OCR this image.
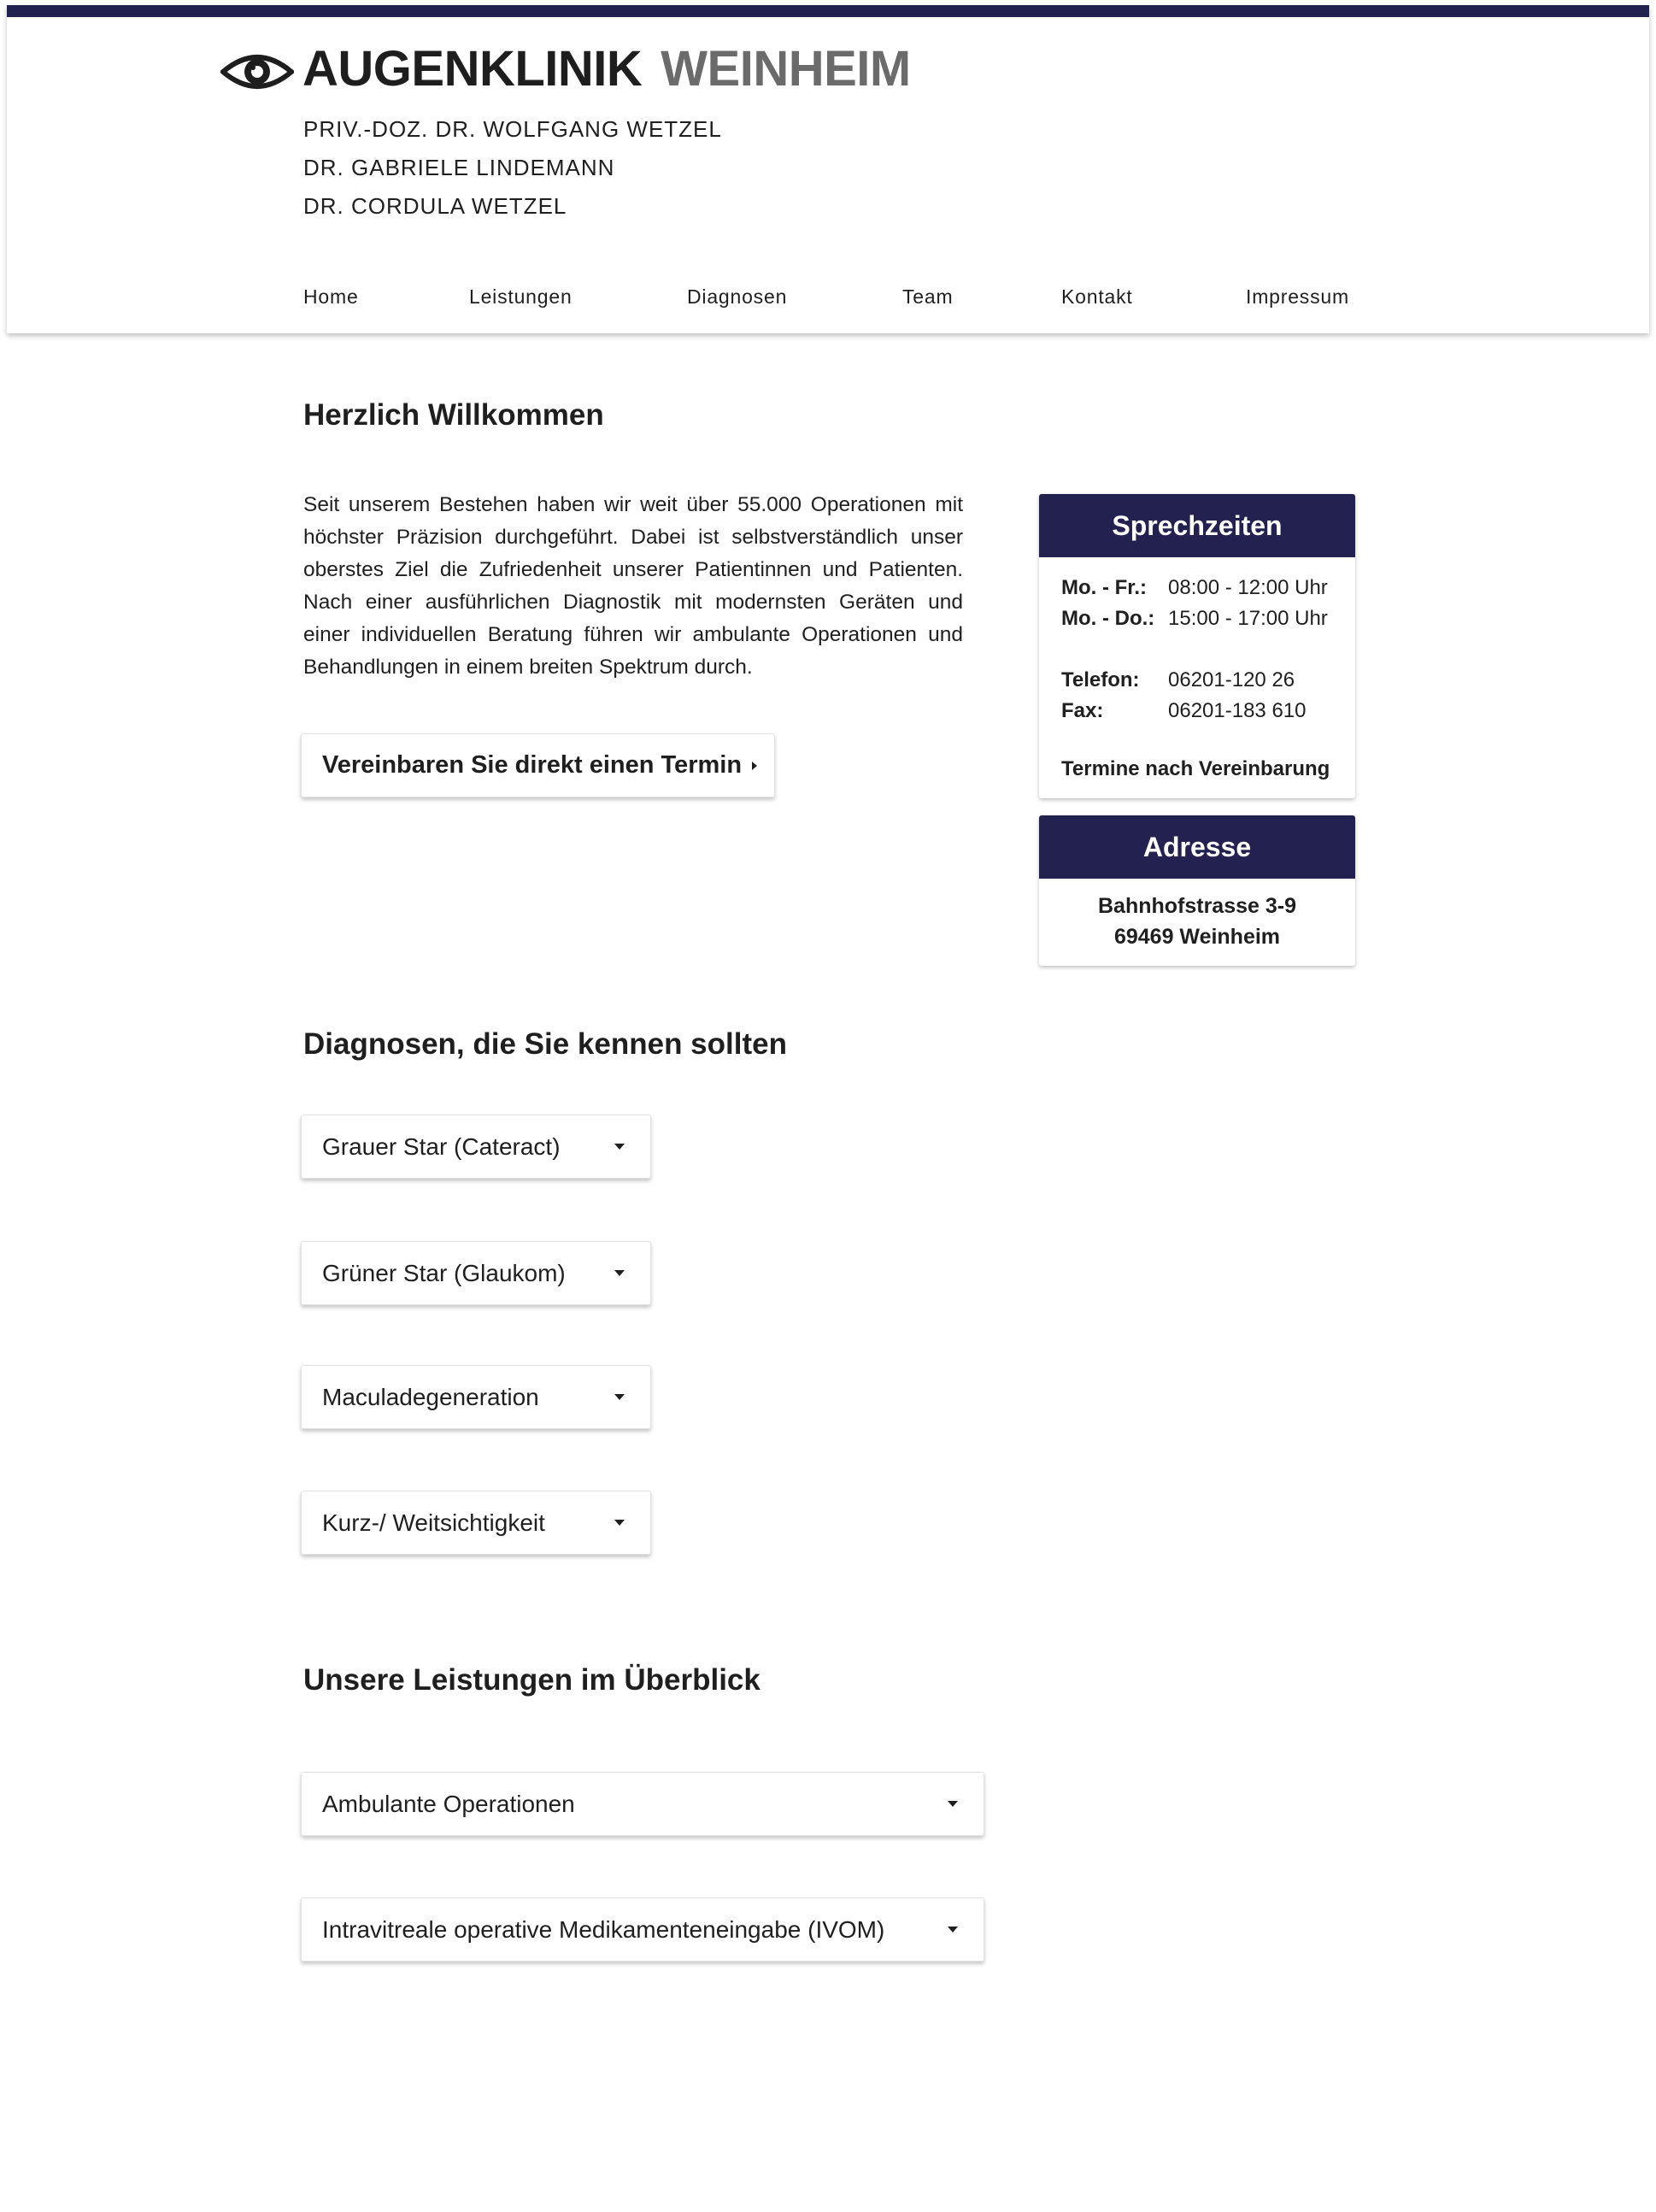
AUGENKLINIK WEINHEIM
PRIV.-DOZ. DR. WOLFGANG WETZEL
DR. GABRIELE LINDEMANN
DR. CORDULA WETZEL
Home	Leistungen	Diagnosen	Team	Kontakt	Impressum
Herzlich Willkommen

Seit unserem Bestehen haben wir weit über 55.000 Operationen mit höchster Präzision durchgeführt. Dabei ist selbstverständlich unser oberstes Ziel die Zufriedenheit unserer Patientinnen und Patienten. Nach einer ausführlichen Diagnostik mit modernsten Geräten und einer individuellen Beratung führen wir ambulante Operationen und Behandlungen in einem breiten Spektrum durch.

Vereinbaren Sie direkt einen Termin
Sprechzeiten
Mo. - Fr.: 08:00 - 12:00 Uhr
Mo. - Do.: 15:00 - 17:00 Uhr
Telefon: 06201-120 26
Fax:	06201-183 610
Termine nach Vereinbarung
Adresse
Bahnhofstrasse 3-9
69469 Weinheim
Diagnosen, die Sie kennen sollten
Grauer Star (Cateract)
Grüner Star (Glaukom)
Maculadegeneration
Kurz-/ Weitsichtigkeit
Unsere Leistungen im Überblick
Ambulante Operationen
Intravitreale operative Medikamenteneingabe (IVOM)
